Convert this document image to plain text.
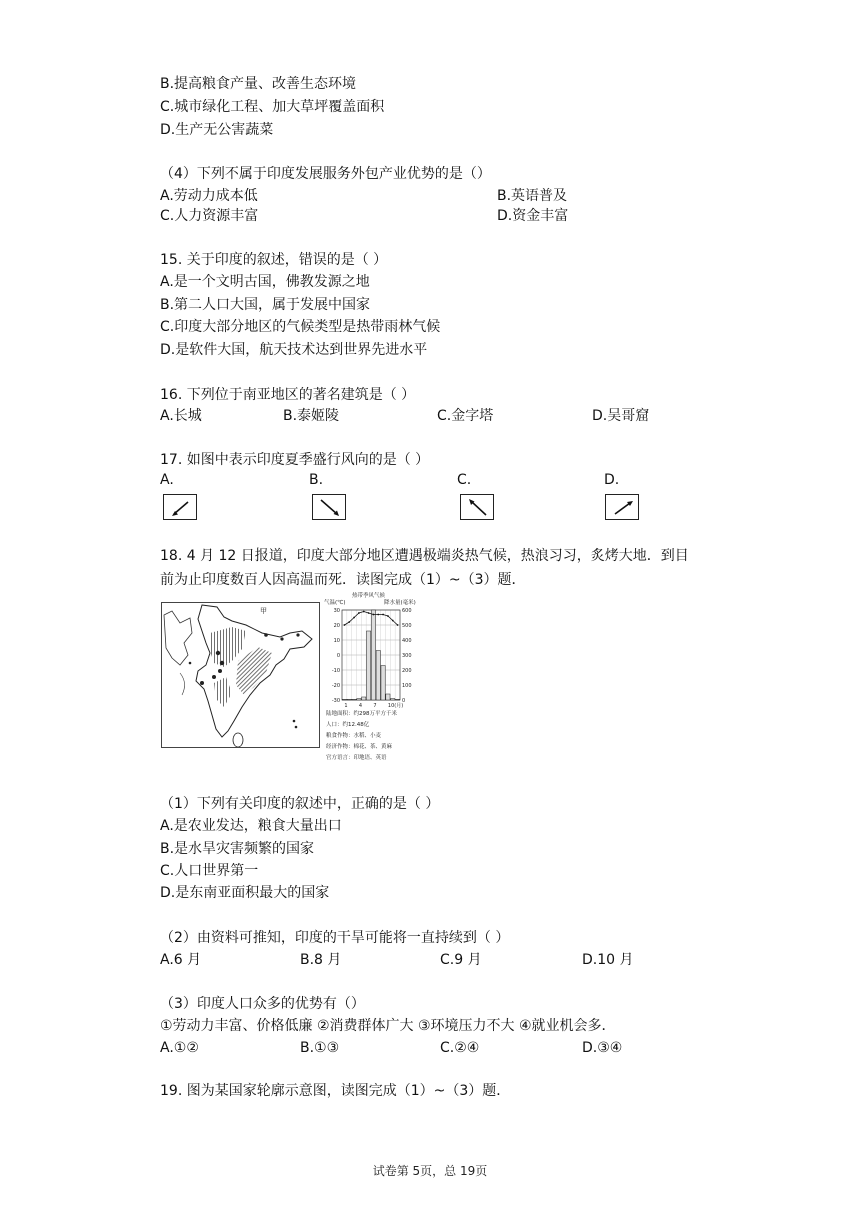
B.提高粮食产量、改善生态环境
C.城市绿化工程、加大草坪覆盖面积
D.生产无公害蔬菜
（4）下列不属于印度发展服务外包产业优势的是（）
A.劳动力成本低	B.英语普及
C.人力资源丰富	D.资金丰富
15. 关于印度的叙述，错误的是（ ）
A.是一个文明古国，佛教发源之地
B.第二人口大国，属于发展中国家
C.印度大部分地区的气候类型是热带雨林气候
D.是软件大国，航天技术达到世界先进水平
16. 下列位于南亚地区的著名建筑是（ ）
A.长城	B.泰姬陵	C.金字塔	D.吴哥窟
17. 如图中表示印度夏季盛行风向的是（ ）
A.	B.	C.	D.
18. 4 月 12 日报道，印度大部分地区遭遇极端炎热气候，热浪习习，炙烤大地．到目
前为止印度数百人因高温而死．读图完成（1）~（3）题．
甲
热带季风气候
气温(℃)	降水量(毫米)
30
20
10
0
-10
-20
-30
600
500
400
300
200
100
0
1 4 7 10(月)
陆地面积：约298万平方千米
人口：约12.48亿
粮食作物：水稻、小麦
经济作物：棉花、茶、黄麻
官方语言：印地语、英语
（1）下列有关印度的叙述中，正确的是（ ）
A.是农业发达，粮食大量出口
B.是水旱灾害频繁的国家
C.人口世界第一
D.是东南亚面积最大的国家
（2）由资料可推知，印度的干旱可能将一直持续到（ ）
A.6 月	B.8 月	C.9 月	D.10 月
（3）印度人口众多的优势有（）
①劳动力丰富、价格低廉 ②消费群体广大 ③环境压力不大 ④就业机会多．
A.①②	B.①③	C.②④	D.③④
19. 图为某国家轮廓示意图，读图完成（1）~（3）题．
试卷第 5页，总 19页
